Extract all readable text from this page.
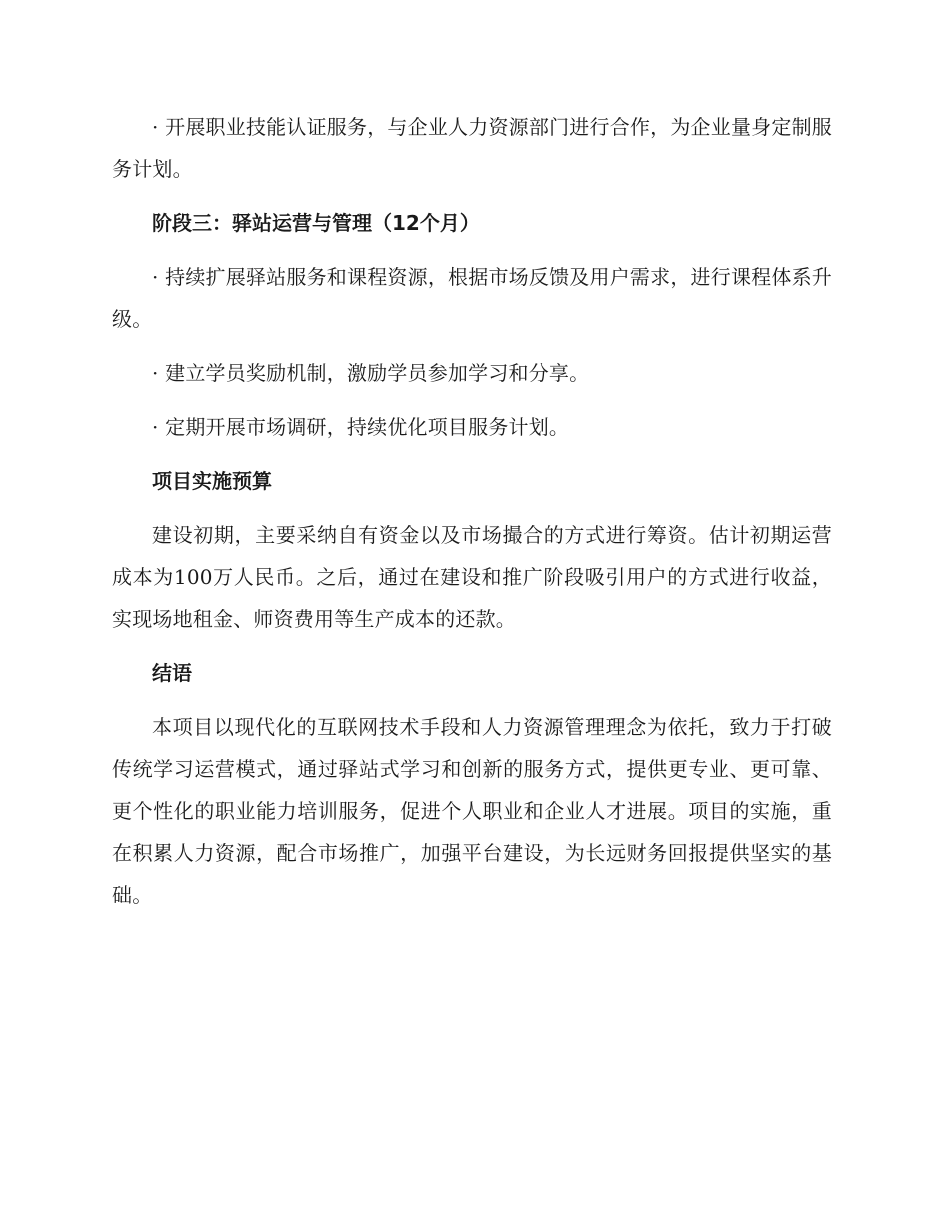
· 开展职业技能认证服务，与企业人力资源部门进行合作，为企业量身定制服务计划。

阶段三：驿站运营与管理（12个月）

· 持续扩展驿站服务和课程资源，根据市场反馈及用户需求，进行课程体系升级。

· 建立学员奖励机制，激励学员参加学习和分享。

· 定期开展市场调研，持续优化项目服务计划。

项目实施预算

建设初期，主要采纳自有资金以及市场撮合的方式进行筹资。估计初期运营成本为100万人民币。之后，通过在建设和推广阶段吸引用户的方式进行收益，实现场地租金、师资费用等生产成本的还款。

结语

本项目以现代化的互联网技术手段和人力资源管理理念为依托，致力于打破传统学习运营模式，通过驿站式学习和创新的服务方式，提供更专业、更可靠、更个性化的职业能力培训服务，促进个人职业和企业人才进展。项目的实施，重在积累人力资源，配合市场推广，加强平台建设，为长远财务回报提供坚实的基础。
